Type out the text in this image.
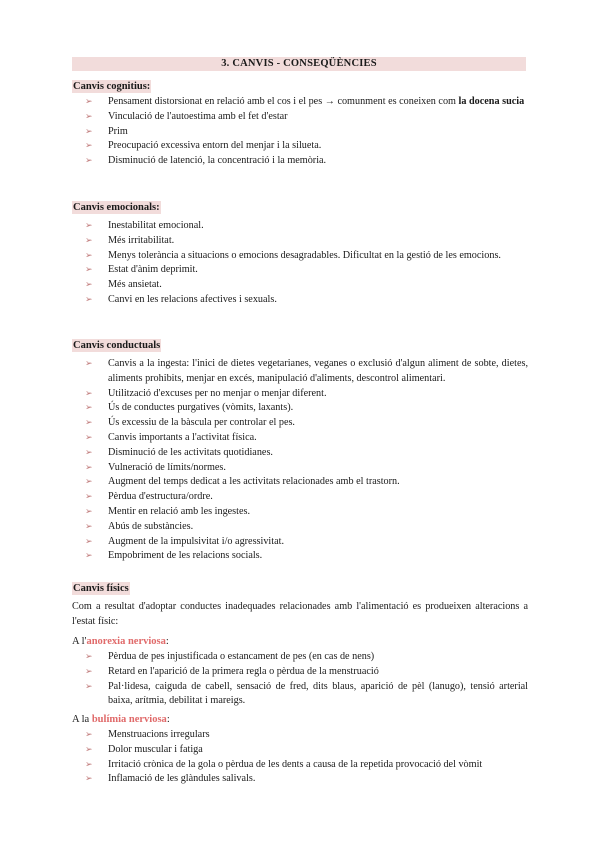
3. CANVIS - CONSEQÜÈNCIES
Canvis cognitius:
➢ Pensament distorsionat en relació amb el cos i el pes → comunment es coneixen com la docena sucia
➢ Vinculació de l'autoestima amb el fet d'estar
➢ Prim
➢ Preocupació excessiva entorn del menjar i la silueta.
➢ Disminució de latenció, la concentració i la memòria.
Canvis emocionals:
➢ Inestabilitat emocional.
➢ Més irritabilitat.
➢ Menys tolerància a situacions o emocions desagradables. Dificultat en la gestió de les emocions.
➢ Estat d'ànim deprimit.
➢ Més ansietat.
➢ Canvi en les relacions afectives i sexuals.
Canvis conductuals
➢ Canvis a la ingesta: l'inici de dietes vegetarianes, veganes o exclusió d'algun aliment de sobte, dietes, aliments prohibits, menjar en excés, manipulació d'aliments, descontrol alimentari.
➢ Utilització d'excuses per no menjar o menjar diferent.
➢ Ús de conductes purgatives (vòmits, laxants).
➢ Ús excessiu de la bàscula per controlar el pes.
➢ Canvis importants a l'activitat física.
➢ Disminució de les activitats quotidianes.
➢ Vulneració de límits/normes.
➢ Augment del temps dedicat a les activitats relacionades amb el trastorn.
➢ Pèrdua d'estructura/ordre.
➢ Mentir en relació amb les ingestes.
➢ Abús de substàncies.
➢ Augment de la impulsivitat i/o agressivitat.
➢ Empobriment de les relacions socials.
Canvis físics
Com a resultat d'adoptar conductes inadequades relacionades amb l'alimentació es produeixen alteracions a l'estat físic:
A l'anorexia nerviosa:
➢ Pèrdua de pes injustificada o estancament de pes (en cas de nens)
➢ Retard en l'aparició de la primera regla o pèrdua de la menstruació
➢ Pal·lidesa, caiguda de cabell, sensació de fred, dits blaus, aparició de pèl (lanugo), tensió arterial baixa, arítmia, debilitat i mareigs.
A la bulímia nerviosa:
➢ Menstruacions irregulars
➢ Dolor muscular i fatiga
➢ Irritació crònica de la gola o pèrdua de les dents a causa de la repetida provocació del vòmit
➢ Inflamació de les glàndules salivals.
